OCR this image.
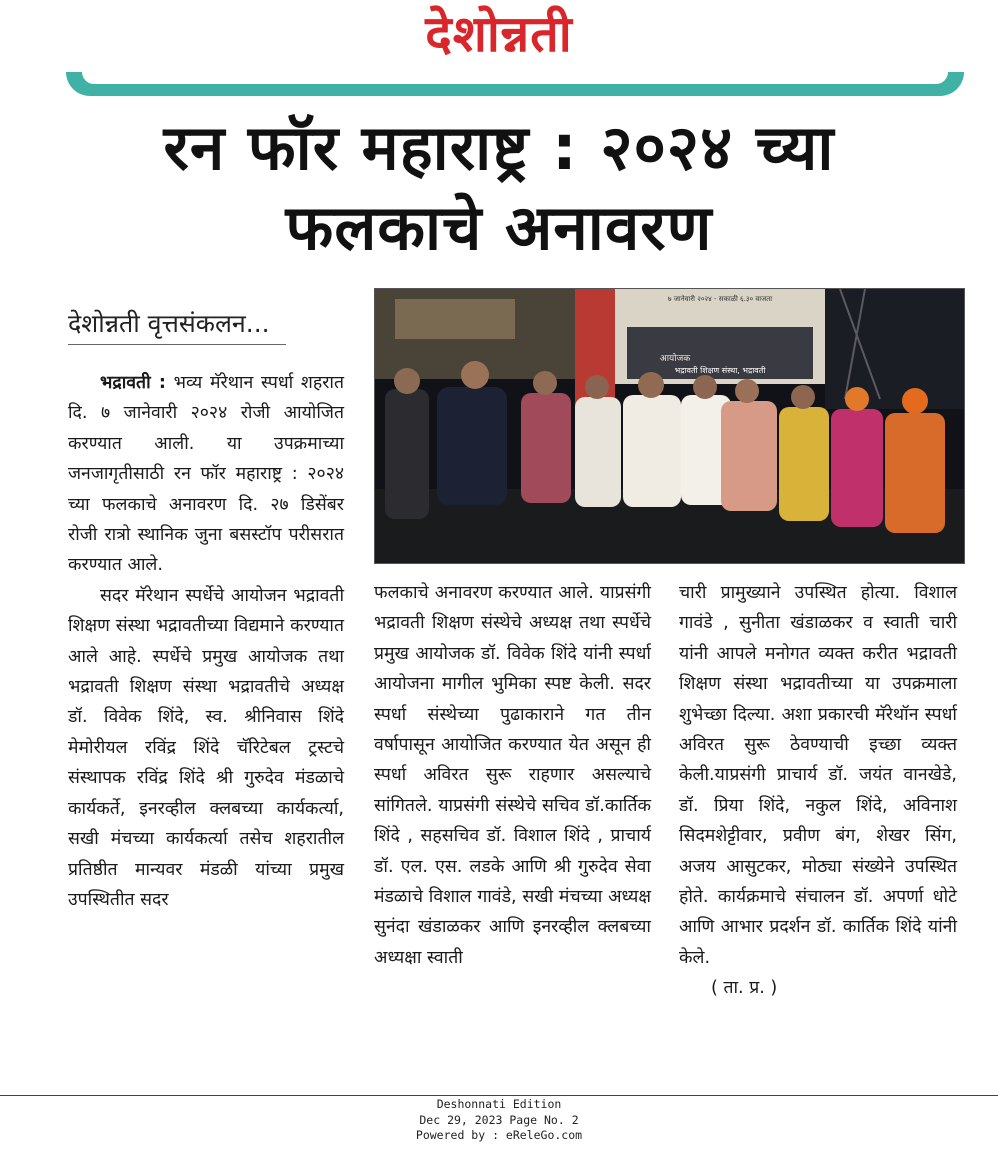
देशोन्नती
रन फॉर महाराष्ट्र : २०२४ च्या
फलकाचे अनावरण
देशोन्नती वृत्तसंकलन...

भद्रावती : भव्य मॅरेथान स्पर्धा शहरात दि. ७ जानेवारी २०२४ रोजी आयोजित करण्यात आली. या उपक्रमाच्या जनजागृतीसाठी रन फॉर महाराष्ट्र : २०२४ च्या फलकाचे अनावरण दि. २७ डिसेंबर रोजी रात्रो स्थानिक जुना बसस्टॉप परीसरात करण्यात आले.

सदर मॅरेथान स्पर्धेचे आयोजन भद्रावती शिक्षण संस्था भद्रावतीच्या विद्यमाने करण्यात आले आहे. स्पर्धेचे प्रमुख आयोजक तथा भद्रावती शिक्षण संस्था भद्रावतीचे अध्यक्ष डॉ. विवेक शिंदे, स्व. श्रीनिवास शिंदे मेमोरीयल रविंद्र शिंदे चॅरिटेबल ट्रस्टचे संस्थापक रविंद्र शिंदे श्री गुरुदेव मंडळाचे कार्यकर्ते, इनरव्हील क्लबच्या कार्यकर्त्या, सखी मंचच्या कार्यकर्त्या तसेच शहरातील प्रतिष्ठीत मान्यवर मंडळी यांच्या प्रमुख उपस्थितीत सदर

७ जानेवारी २०२४ - सकाळी ६.३० वाजता
आयोजक
भद्रावती शिक्षण संस्था, भद्रावती

फलकाचे अनावरण करण्यात आले. याप्रसंगी भद्रावती शिक्षण संस्थेचे अध्यक्ष तथा स्पर्धेचे प्रमुख आयोजक डॉ. विवेक शिंदे यांनी स्पर्धा आयोजना मागील भुमिका स्पष्ट केली. सदर स्पर्धा संस्थेच्या पुढाकाराने गत तीन वर्षापासून आयोजित करण्यात येत असून ही स्पर्धा अविरत सुरू राहणार असल्याचे सांगितले. याप्रसंगी संस्थेचे सचिव डॉ.कार्तिक शिंदे , सहसचिव डॉ. विशाल शिंदे , प्राचार्य डॉ. एल. एस. लडके आणि श्री गुरुदेव सेवा मंडळाचे विशाल गावंडे, सखी मंचच्या अध्यक्ष सुनंदा खंडाळकर आणि इनरव्हील क्लबच्या अध्यक्षा स्वाती

चारी प्रामुख्याने उपस्थित होत्या. विशाल गावंडे , सुनीता खंडाळकर व स्वाती चारी यांनी आपले मनोगत व्यक्त करीत भद्रावती शिक्षण संस्था भद्रावतीच्या या उपक्रमाला शुभेच्छा दिल्या. अशा प्रकारची मॅरेथॉन स्पर्धा अविरत सुरू ठेवण्याची इच्छा व्यक्त केली.याप्रसंगी प्राचार्य डॉ. जयंत वानखेडे, डॉ. प्रिया शिंदे, नकुल शिंदे, अविनाश सिदमशेट्टीवार, प्रवीण बंग, शेखर सिंग, अजय आसुटकर, मोठ्या संख्येने उपस्थित होते. कार्यक्रमाचे संचालन डॉ. अपर्णा धोटे आणि आभार प्रदर्शन डॉ. कार्तिक शिंदे यांनी केले.

( ता. प्र. )

Deshonnati Edition
Dec 29, 2023 Page No. 2
Powered by : eReleGo.com
